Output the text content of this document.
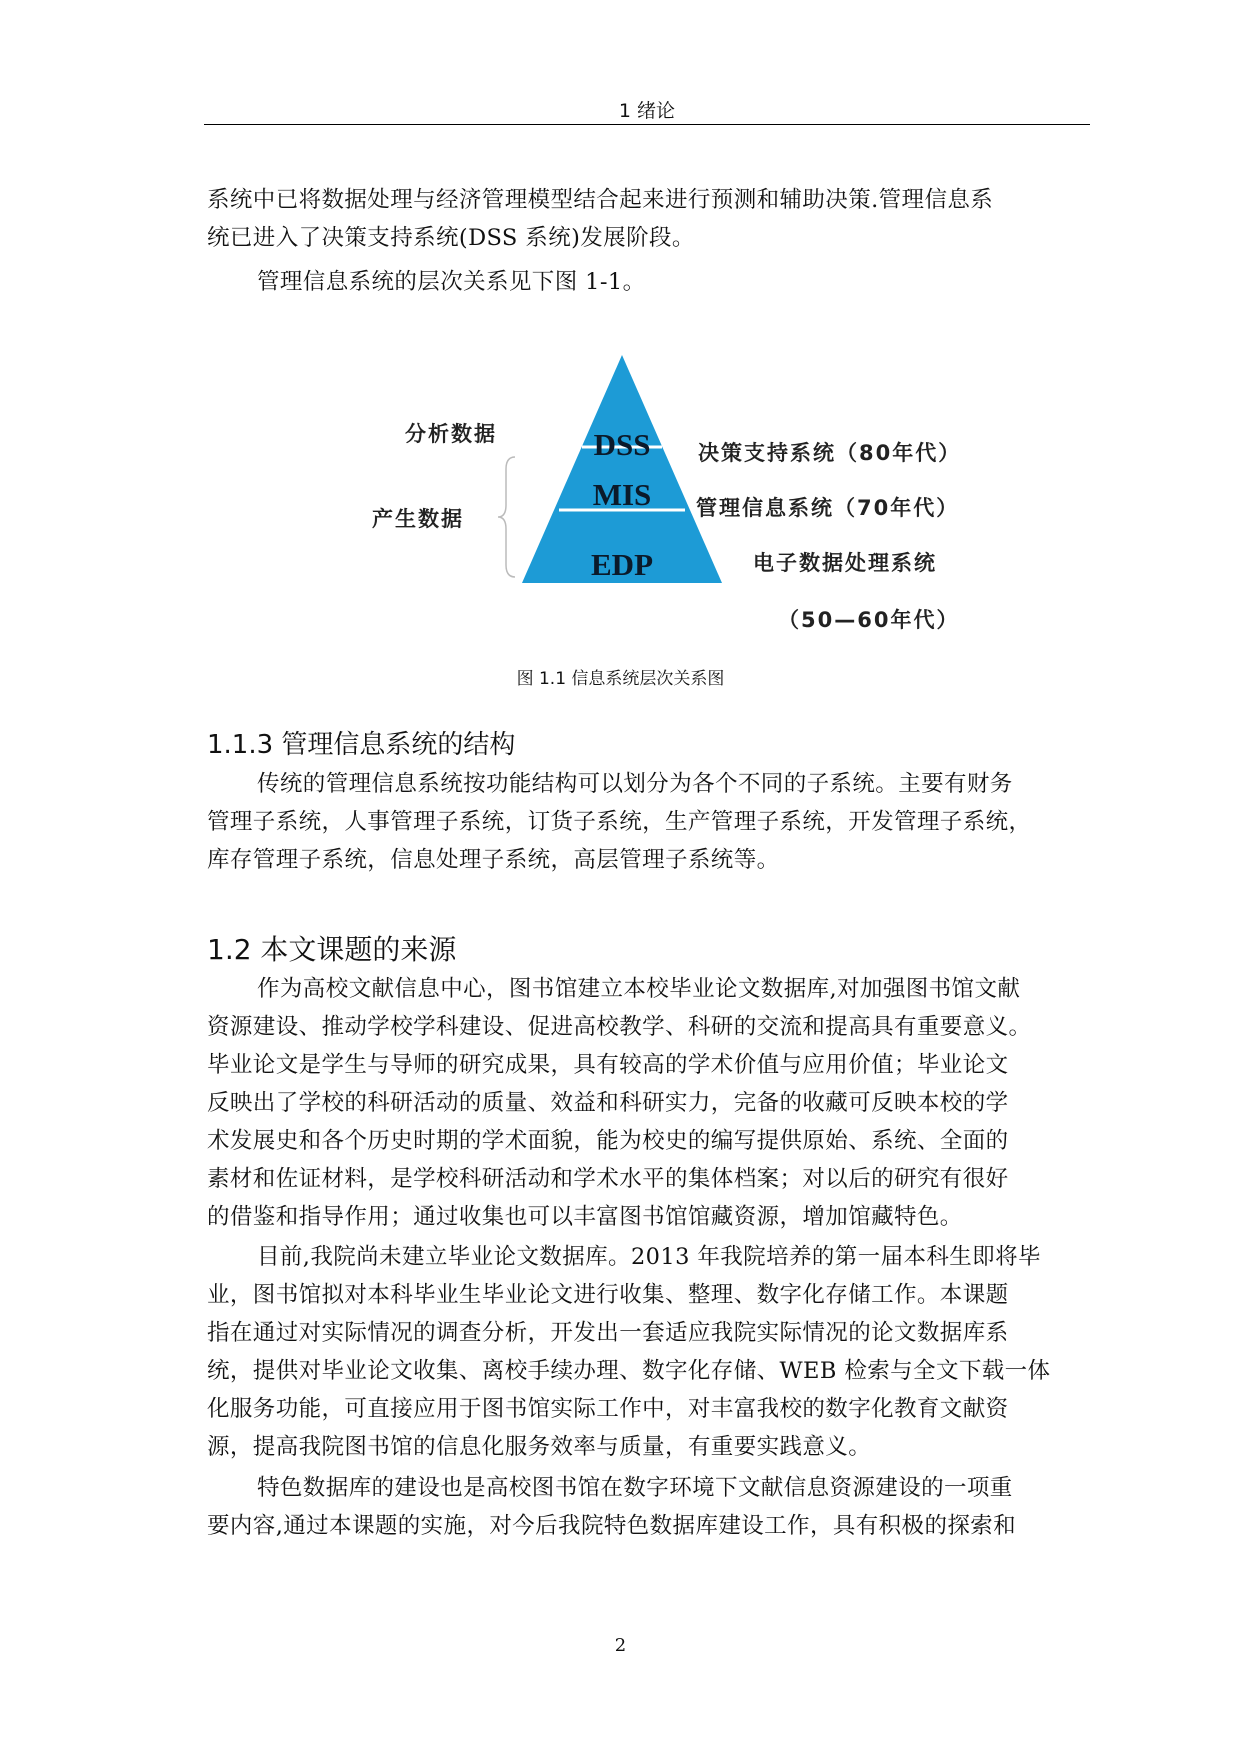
1 绪论
系统中已将数据处理与经济管理模型结合起来进行预测和辅助决策.管理信息系
统已进入了决策支持系统(DSS 系统)发展阶段。
管理信息系统的层次关系见下图 1-1。
DSS
MIS
EDP
分析数据
产生数据
决策支持系统（80年代）
管理信息系统（70年代）
电子数据处理系统
（50—60年代）
图 1.1 信息系统层次关系图
1.1.3 管理信息系统的结构
传统的管理信息系统按功能结构可以划分为各个不同的子系统。主要有财务
管理子系统，人事管理子系统，订货子系统，生产管理子系统，开发管理子系统，
库存管理子系统，信息处理子系统，高层管理子系统等。
1.2 本文课题的来源
作为高校文献信息中心，图书馆建立本校毕业论文数据库,对加强图书馆文献
资源建设、推动学校学科建设、促进高校教学、科研的交流和提高具有重要意义。
毕业论文是学生与导师的研究成果，具有较高的学术价值与应用价值；毕业论文
反映出了学校的科研活动的质量、效益和科研实力，完备的收藏可反映本校的学
术发展史和各个历史时期的学术面貌，能为校史的编写提供原始、系统、全面的
素材和佐证材料，是学校科研活动和学术水平的集体档案；对以后的研究有很好
的借鉴和指导作用；通过收集也可以丰富图书馆馆藏资源，增加馆藏特色。
目前,我院尚未建立毕业论文数据库。2013 年我院培养的第一届本科生即将毕
业，图书馆拟对本科毕业生毕业论文进行收集、整理、数字化存储工作。本课题
指在通过对实际情况的调查分析，开发出一套适应我院实际情况的论文数据库系
统，提供对毕业论文收集、离校手续办理、数字化存储、WEB 检索与全文下载一体
化服务功能，可直接应用于图书馆实际工作中，对丰富我校的数字化教育文献资
源，提高我院图书馆的信息化服务效率与质量，有重要实践意义。
特色数据库的建设也是高校图书馆在数字环境下文献信息资源建设的一项重
要内容,通过本课题的实施，对今后我院特色数据库建设工作，具有积极的探索和
2
